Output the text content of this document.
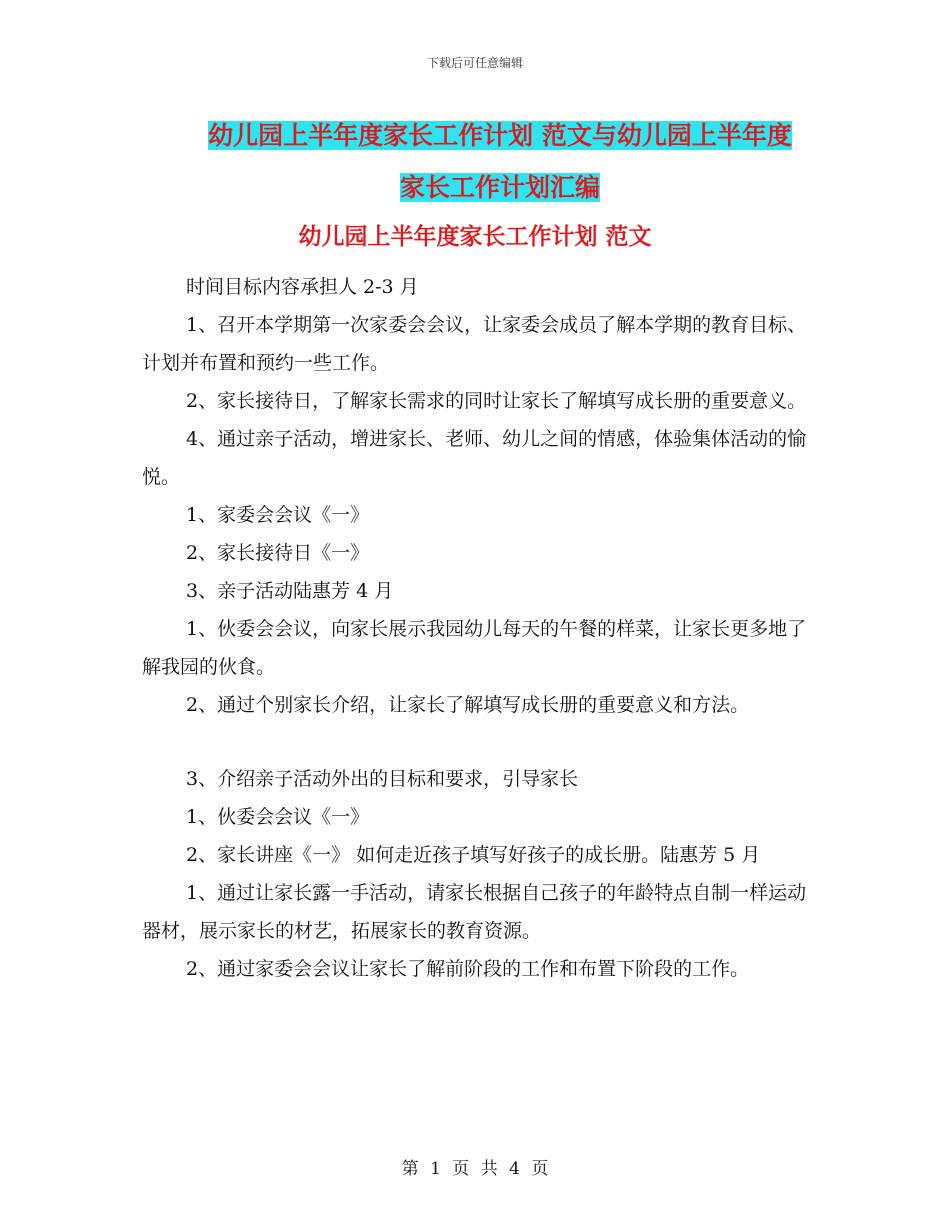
下载后可任意编辑
幼儿园上半年度家长工作计划 范文与幼儿园上半年度
家长工作计划汇编
幼儿园上半年度家长工作计划 范文

时间目标内容承担人 2-3 月

1、召开本学期第一次家委会会议，让家委会成员了解本学期的教育目标、计划并布置和预约一些工作。

2、家长接待日，了解家长需求的同时让家长了解填写成长册的重要意义。

4、通过亲子活动，增进家长、老师、幼儿之间的情感，体验集体活动的愉悦。

1、家委会会议《一》

2、家长接待日《一》

3、亲子活动陆惠芳 4 月

1、伙委会会议，向家长展示我园幼儿每天的午餐的样菜，让家长更多地了解我园的伙食。

2、通过个别家长介绍，让家长了解填写成长册的重要意义和方法。

3、介绍亲子活动外出的目标和要求，引导家长

1、伙委会会议《一》

2、家长讲座《一》 如何走近孩子填写好孩子的成长册。陆惠芳 5 月

1、通过让家长露一手活动，请家长根据自己孩子的年龄特点自制一样运动器材，展示家长的材艺，拓展家长的教育资源。

2、通过家委会会议让家长了解前阶段的工作和布置下阶段的工作。

第 1 页 共 4 页
